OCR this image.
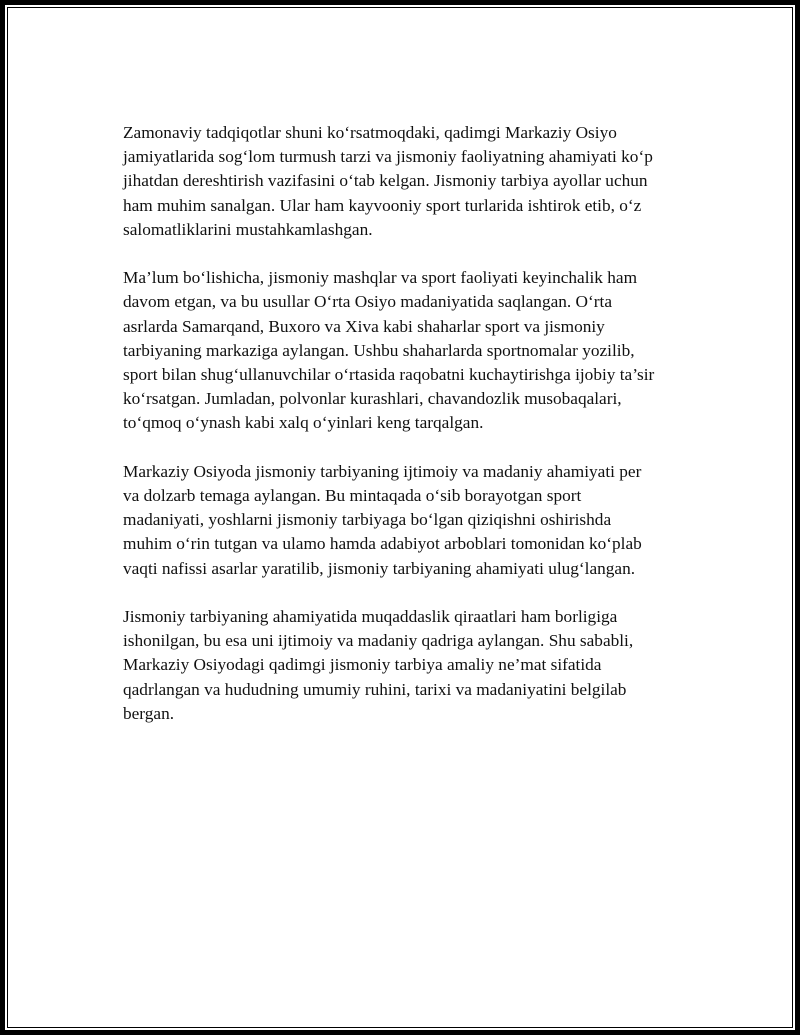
Zamonaviy tadqiqotlar shuni ko‘rsatmoqdaki, qadimgi Markaziy Osiyo
jamiyatlarida sog‘lom turmush tarzi va jismoniy faoliyatning ahamiyati ko‘p
jihatdan dereshtirish vazifasini o‘tab kelgan. Jismoniy tarbiya ayollar uchun
ham muhim sanalgan. Ular ham kayvooniy sport turlarida ishtirok etib, o‘z
salomatliklarini mustahkamlashgan.
Ma’lum bo‘lishicha, jismoniy mashqlar va sport faoliyati keyinchalik ham
davom etgan, va bu usullar O‘rta Osiyo madaniyatida saqlangan. O‘rta
asrlarda Samarqand, Buxoro va Xiva kabi shaharlar sport va jismoniy
tarbiyaning markaziga aylangan. Ushbu shaharlarda sportnomalar yozilib,
sport bilan shug‘ullanuvchilar o‘rtasida raqobatni kuchaytirishga ijobiy ta’sir
ko‘rsatgan. Jumladan, polvonlar kurashlari, chavandozlik musobaqalari,
to‘qmoq o‘ynash kabi xalq o‘yinlari keng tarqalgan.
Markaziy Osiyoda jismoniy tarbiyaning ijtimoiy va madaniy ahamiyati per
va dolzarb temaga aylangan. Bu mintaqada o‘sib borayotgan sport
madaniyati, yoshlarni jismoniy tarbiyaga bo‘lgan qiziqishni oshirishda
muhim o‘rin tutgan va ulamo hamda adabiyot arboblari tomonidan ko‘plab
vaqti nafissi asarlar yaratilib, jismoniy tarbiyaning ahamiyati ulug‘langan.
Jismoniy tarbiyaning ahamiyatida muqaddaslik qiraatlari ham borligiga
ishonilgan, bu esa uni ijtimoiy va madaniy qadriga aylangan. Shu sababli,
Markaziy Osiyodagi qadimgi jismoniy tarbiya amaliy ne’mat sifatida
qadrlangan va hududning umumiy ruhini, tarixi va madaniyatini belgilab
bergan.
